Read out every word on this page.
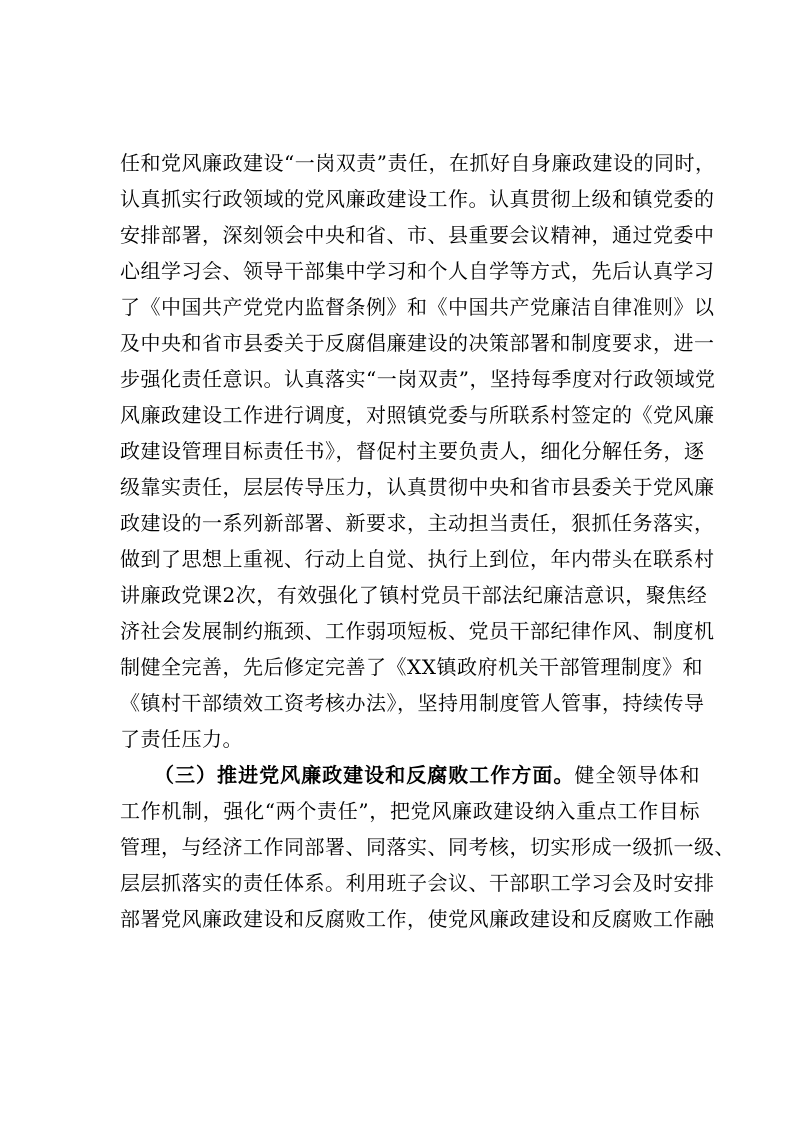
任和党风廉政建设“一岗双责”责任，在抓好自身廉政建设的同时，
认真抓实行政领域的党风廉政建设工作。认真贯彻上级和镇党委的
安排部署，深刻领会中央和省、市、县重要会议精神，通过党委中
心组学习会、领导干部集中学习和个人自学等方式，先后认真学习
了《中国共产党党内监督条例》和《中国共产党廉洁自律准则》以
及中央和省市县委关于反腐倡廉建设的决策部署和制度要求，进一
步强化责任意识。认真落实“一岗双责”，坚持每季度对行政领域党
风廉政建设工作进行调度，对照镇党委与所联系村签定的《党风廉
政建设管理目标责任书》，督促村主要负责人，细化分解任务，逐
级靠实责任，层层传导压力，认真贯彻中央和省市县委关于党风廉
政建设的一系列新部署、新要求，主动担当责任，狠抓任务落实，
做到了思想上重视、行动上自觉、执行上到位，年内带头在联系村
讲廉政党课2次，有效强化了镇村党员干部法纪廉洁意识，聚焦经
济社会发展制约瓶颈、工作弱项短板、党员干部纪律作风、制度机
制健全完善，先后修定完善了《XX镇政府机关干部管理制度》和
《镇村干部绩效工资考核办法》，坚持用制度管人管事，持续传导
了责任压力。
（三）推进党风廉政建设和反腐败工作方面。健全领导体和
工作机制，强化“两个责任”，把党风廉政建设纳入重点工作目标
管理，与经济工作同部署、同落实、同考核，切实形成一级抓一级、
层层抓落实的责任体系。利用班子会议、干部职工学习会及时安排
部署党风廉政建设和反腐败工作，使党风廉政建设和反腐败工作融
